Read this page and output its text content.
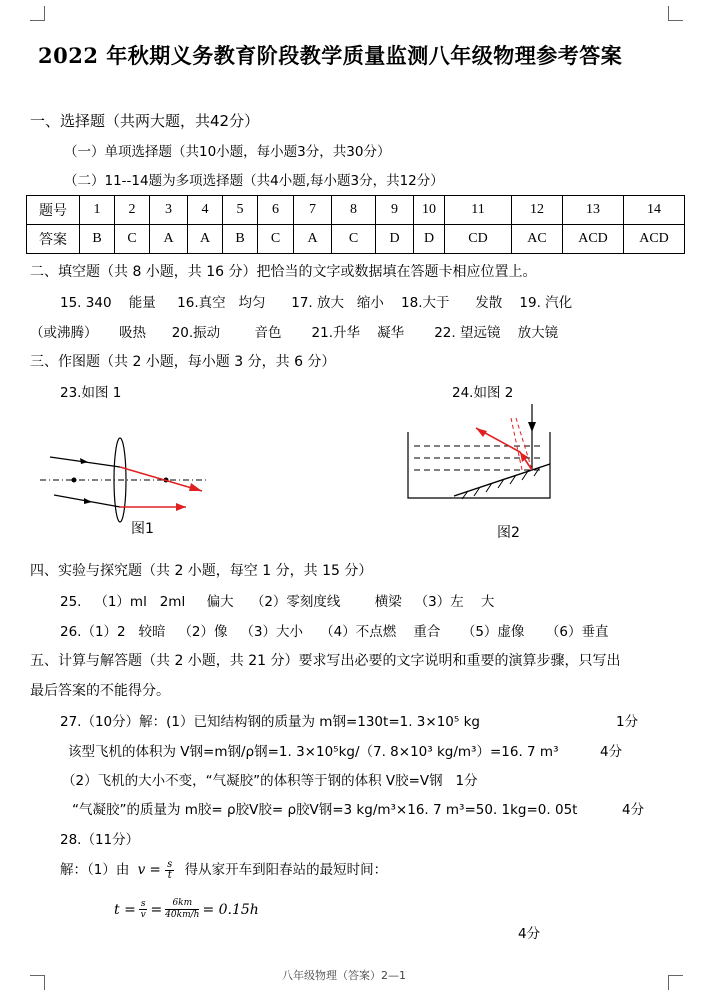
2022 年秋期义务教育阶段教学质量监测八年级物理参考答案
一、选择题（共两大题，共42分）
（一）单项选择题（共10小题，每小题3分，共30分）
（二）11--14题为多项选择题（共4小题,每小题3分，共12分）
题号	1	2	3	4	5	6	7	8	9	10	11	12	13	14
答案	B	C	A	A	B	C	A	C	D	D	CD	AC	ACD	ACD
二、填空题（共 8 小题，共 16 分）把恰当的文字或数据填在答题卡相应位置上。
15. 340    能量     16.真空   均匀      17. 放大   缩小    18.大于      发散    19. 汽化
（或沸腾）     吸热      20.振动        音色       21.升华    凝华       22. 望远镜    放大镜
三、作图题（共 2 小题，每小题 3 分，共 6 分）
23.如图 1	24.如图 2
图1	图2
四、实验与探究题（共 2 小题，每空 1 分，共 15 分）
25.   （1）ml   2ml     偏大    （2）零刻度线        横梁   （3）左    大
26.（1）2   较暗   （2）像   （3）大小    （4）不点燃    重合     （5）虚像     （6）垂直
五、计算与解答题（共 2 小题，共 21 分）要求写出必要的文字说明和重要的演算步骤，只写出
最后答案的不能得分。
27.（10分）解：(1）已知结构钢的质量为 m钢=130t=1. 3×10⁵ kg	1分
该型飞机的体积为 V钢=m钢/ρ钢=1. 3×10⁵kg/（7. 8×10³ kg/m³）=16. 7 m³	4分
（2）飞机的大小不变，“气凝胶”的体积等于钢的体积 V胶=V钢   1分
“气凝胶”的质量为 m胶= ρ胶V胶= ρ胶V钢=3 kg/m³×16. 7 m³=50. 1kg=0. 05t	4分
28.（11分）
解：（1）由 $v = \frac{s}{t}$ 得从家开车到阳春站的最短时间：
$t = \frac{s}{v} = \frac{6km}{40km/h} = 0.15h$
4分
八年级物理（答案）2—1
